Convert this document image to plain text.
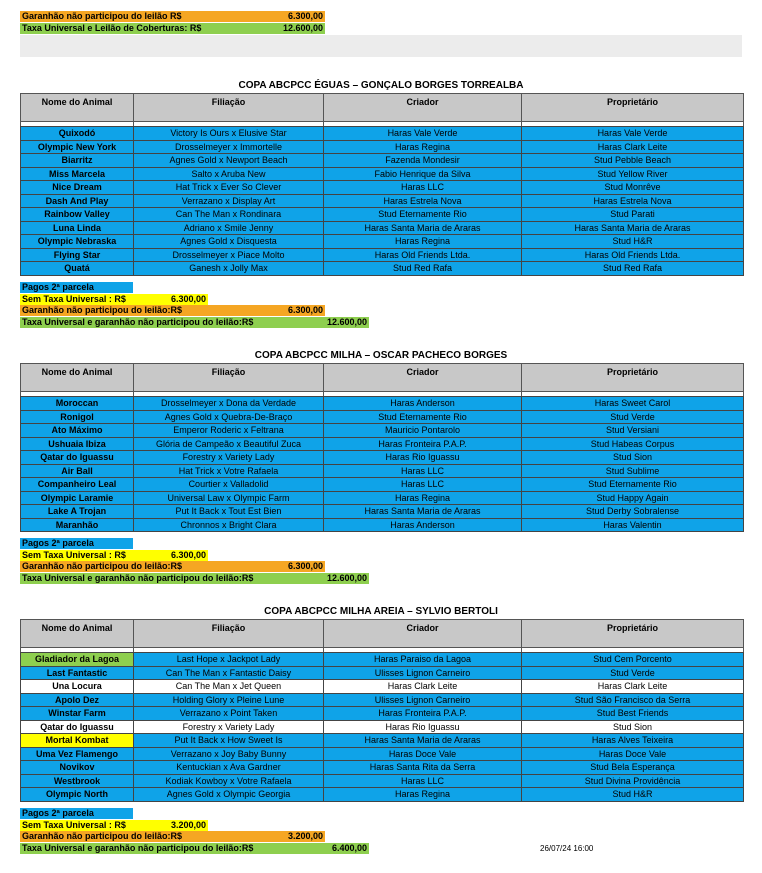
Garanhão não participou do leilão R$	6.300,00
Taxa Universal e Leilão de Coberturas: R$	12.600,00
COPA ABCPCC ÉGUAS – GONÇALO BORGES TORREALBA
Nome do Animal	Filiação	Criador	Proprietário

Quixodó	Victory Is Ours x Elusive Star	Haras Vale Verde	Haras Vale Verde
Olympic New York	Drosselmeyer x Immortelle	Haras Regina	Haras Clark Leite
Biarritz	Agnes Gold x Newport Beach	Fazenda Mondesir	Stud Pebble Beach
Miss Marcela	Salto x Aruba New	Fabio Henrique da Silva	Stud Yellow River
Nice Dream	Hat Trick x Ever So Clever	Haras LLC	Stud Monrêve
Dash And Play	Verrazano x Display Art	Haras Estrela Nova	Haras Estrela Nova
Rainbow Valley	Can The Man x Rondinara	Stud Eternamente Rio	Stud Parati
Luna Linda	Adriano x Smile Jenny	Haras Santa Maria de Araras	Haras Santa Maria de Araras
Olympic Nebraska	Agnes Gold x Disquesta	Haras Regina	Stud H&R
Flying Star	Drosselmeyer x Piace Molto	Haras Old Friends Ltda.	Haras Old Friends Ltda.
Quatá	Ganesh x Jolly Max	Stud Red Rafa	Stud Red Rafa
Pagos 2ª parcela
Sem Taxa Universal : R$	6.300,00
Garanhão não participou do leilão:R$	6.300,00
Taxa Universal e garanhão não participou do leilão:R$	12.600,00
COPA ABCPCC MILHA – OSCAR PACHECO BORGES
Nome do Animal	Filiação	Criador	Proprietário

Moroccan	Drosselmeyer x Dona da Verdade	Haras Anderson	Haras Sweet Carol
Ronigol	Agnes Gold x Quebra-De-Braço	Stud Eternamente Rio	Stud Verde
Ato Máximo	Emperor Roderic x Feltrana	Mauricio Pontarolo	Stud Versiani
Ushuaia Ibiza	Glória de Campeão x Beautiful Zuca	Haras Fronteira P.A.P.	Stud Habeas Corpus
Qatar do Iguassu	Forestry x Variety Lady	Haras Rio Iguassu	Stud Sion
Air Ball	Hat Trick x Votre Rafaela	Haras LLC	Stud Sublime
Companheiro Leal	Courtier x Valladolid	Haras LLC	Stud Eternamente Rio
Olympic Laramie	Universal Law x Olympic Farm	Haras Regina	Stud Happy Again
Lake A Trojan	Put It Back x Tout Est Bien	Haras Santa Maria de Araras	Stud Derby Sobralense
Maranhão	Chronnos x Bright Clara	Haras Anderson	Haras Valentin
Pagos 2ª parcela
Sem Taxa Universal : R$	6.300,00
Garanhão não participou do leilão:R$	6.300,00
Taxa Universal e garanhão não participou do leilão:R$	12.600,00
COPA ABCPCC MILHA AREIA – SYLVIO BERTOLI
Nome do Animal	Filiação	Criador	Proprietário

Gladiador da Lagoa	Last Hope x Jackpot Lady	Haras Paraiso da Lagoa	Stud Cem Porcento
Last Fantastic	Can The Man x Fantastic Daisy	Ulisses Lignon Carneiro	Stud Verde
Una Locura	Can The Man x Jet Queen	Haras Clark Leite	Haras Clark Leite
Apolo Dez	Holding Glory x Pleine Lune	Ulisses Lignon Carneiro	Stud São Francisco da Serra
Winstar Farm	Verrazano x Point Taken	Haras Fronteira P.A.P.	Stud Best Friends
Qatar do Iguassu	Forestry x Variety Lady	Haras Rio Iguassu	Stud Sion
Mortal Kombat	Put It Back x How Sweet Is	Haras Santa Maria de Araras	Haras Alves Teixeira
Uma Vez Flamengo	Verrazano x Joy Baby Bunny	Haras Doce Vale	Haras Doce Vale
Novikov	Kentuckian x Ava Gardner	Haras Santa Rita da Serra	Stud Bela Esperança
Westbrook	Kodiak Kowboy x Votre Rafaela	Haras LLC	Stud Divina Providência
Olympic North	Agnes Gold x Olympic Georgia	Haras Regina	Stud H&R
Pagos 2ª parcela
Sem Taxa Universal : R$	3.200,00
Garanhão não participou do leilão:R$	3.200,00
Taxa Universal e garanhão não participou do leilão:R$	6.400,00	26/07/24 16:00
